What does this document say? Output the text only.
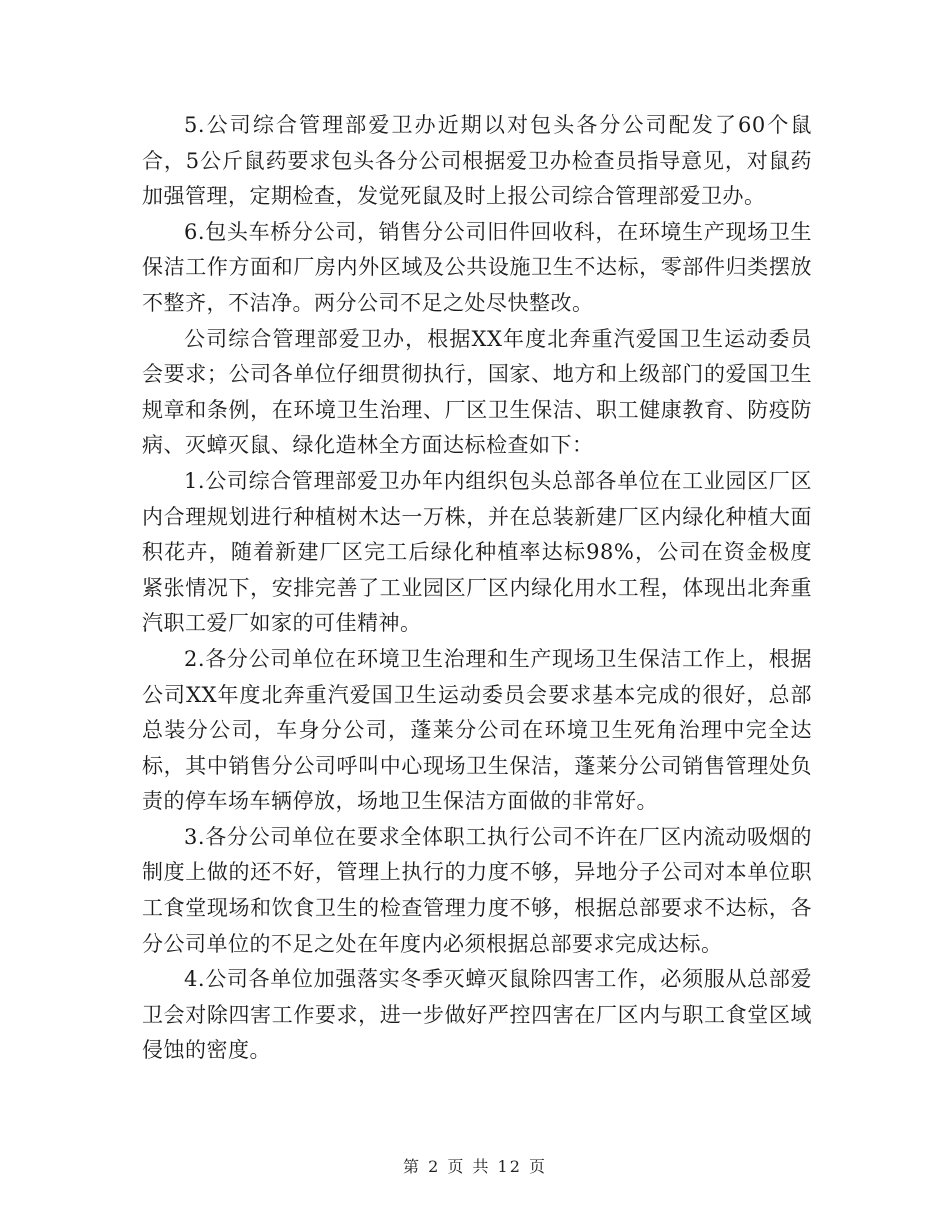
5.公司综合管理部爱卫办近期以对包头各分公司配发了60个鼠合，5公斤鼠药要求包头各分公司根据爱卫办检查员指导意见，对鼠药加强管理，定期检查，发觉死鼠及时上报公司综合管理部爱卫办。

6.包头车桥分公司，销售分公司旧件回收科，在环境生产现场卫生保洁工作方面和厂房内外区域及公共设施卫生不达标，零部件归类摆放不整齐，不洁净。两分公司不足之处尽快整改。

公司综合管理部爱卫办，根据XX年度北奔重汽爱国卫生运动委员会要求；公司各单位仔细贯彻执行，国家、地方和上级部门的爱国卫生规章和条例，在环境卫生治理、厂区卫生保洁、职工健康教育、防疫防病、灭蟑灭鼠、绿化造林全方面达标检查如下：

1.公司综合管理部爱卫办年内组织包头总部各单位在工业园区厂区内合理规划进行种植树木达一万株，并在总装新建厂区内绿化种植大面积花卉，随着新建厂区完工后绿化种植率达标98%，公司在资金极度紧张情况下，安排完善了工业园区厂区内绿化用水工程，体现出北奔重汽职工爱厂如家的可佳精神。

2.各分公司单位在环境卫生治理和生产现场卫生保洁工作上，根据公司XX年度北奔重汽爱国卫生运动委员会要求基本完成的很好，总部总装分公司，车身分公司，蓬莱分公司在环境卫生死角治理中完全达标，其中销售分公司呼叫中心现场卫生保洁，蓬莱分公司销售管理处负责的停车场车辆停放，场地卫生保洁方面做的非常好。

3.各分公司单位在要求全体职工执行公司不许在厂区内流动吸烟的制度上做的还不好，管理上执行的力度不够，异地分子公司对本单位职工食堂现场和饮食卫生的检查管理力度不够，根据总部要求不达标，各分公司单位的不足之处在年度内必须根据总部要求完成达标。

4.公司各单位加强落实冬季灭蟑灭鼠除四害工作，必须服从总部爱卫会对除四害工作要求，进一步做好严控四害在厂区内与职工食堂区域侵蚀的密度。

第 2 页 共 12 页
